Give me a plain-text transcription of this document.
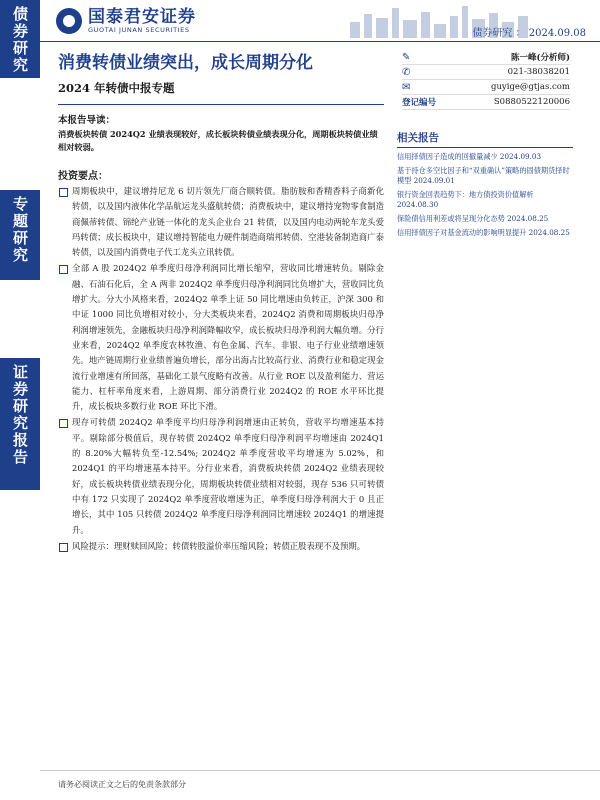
债券研究
专题研究
证券研究报告
国泰君安证券
GUOTAI JUNAN SECURITIES	债券研究 ： 2024.09.08
消费转债业绩突出，成长周期分化
2024 年转债中报专题
✎	陈一峰(分析师)
✆	021-38038201
✉	guyige@gtjas.com
登记编号	S0880522120006
相关报告
信用择债因子造成的回撤量减少 2024.09.03
基于持仓多空比因子和“双重确认”策略的固债期货择时模型 2024.09.01
银行资金回表趋势下：地方债投资价值解析 2024.08.30
保险债信用利差或将呈现分化态势 2024.08.25
信用择债因子对基金流动的影响明显提升 2024.08.25
本报告导读：
消费板块转债 2024Q2 业绩表现较好，成长板块转债业绩表现分化，周期板块转债业绩相对较弱。
投资要点：
周期板块中，建议增持尼龙 6 切片领先厂商合顺转债。脂肪胺和香精香料子商新化转债，以及国内液体化学品航运龙头盛航转债；消费板块中，建议增持宠物零食制造商佩蒂转债、锦纶产业链一体化的龙头企业台 21 转债，以及国内电动两轮车龙头爱玛转债；成长板块中，建议增持智能电力硬件制造商瑞邦转债、空港装备制造商广泰转债，以及国内消费电子代工龙头立讯转债。
全部 A 股 2024Q2 单季度归母净利润同比增长缩窄，营收同比增速转负。剔除金融、石油石化后，全 A 两非 2024Q2 单季度归母净利润同比负增扩大，营收同比负增扩大。分大小风格来看，2024Q2 单季上证 50 同比增速由负转正，沪深 300 和中证 1000 同比负增相对较小，分大类板块来看，2024Q2 消费和周期板块归母净利润增速领先，金融板块归母净利润降幅收窄，成长板块归母净利润大幅负增。分行业来看，2024Q2 单季度农林牧渔、有色金属、汽车、非银、电子行业业绩增速领先。地产链周期行业业绩普遍负增长，部分出海占比较高行业、消费行业和稳定现金流行业增速有所回落，基础化工景气度略有改善。从行业 ROE 以及盈利能力、营运能力、杠杆率角度来看，上游周期、部分消费行业 2024Q2 的 ROE 水平环比提升，成长板块多数行业 ROE 环比下滑。
现存可转债 2024Q2 单季度平均归母净利润增速由正转负，营收平均增速基本持平。剔除部分极值后，现存转债 2024Q2 单季度归母净利润平均增速由 2024Q1 的 8.20%大幅转负至-12.54%; 2024Q2 单季度营收平均增速为 5.02%，和 2024Q1 的平均增速基本持平。分行业来看，消费板块转债 2024Q2 业绩表现较好，成长板块转债业绩表现分化，周期板块转债业绩相对较弱，现存 536 只可转债中有 172 只实现了 2024Q2 单季度营收增速为正，单季度归母净利润大于 0 且正增长，其中 105 只转债 2024Q2 单季度归母净利润同比增速较 2024Q1 的增速提升。
风险提示：理财赎回风险；转债转股溢价率压缩风险；转债正股表现不及预期。
请务必阅读正文之后的免责条款部分
